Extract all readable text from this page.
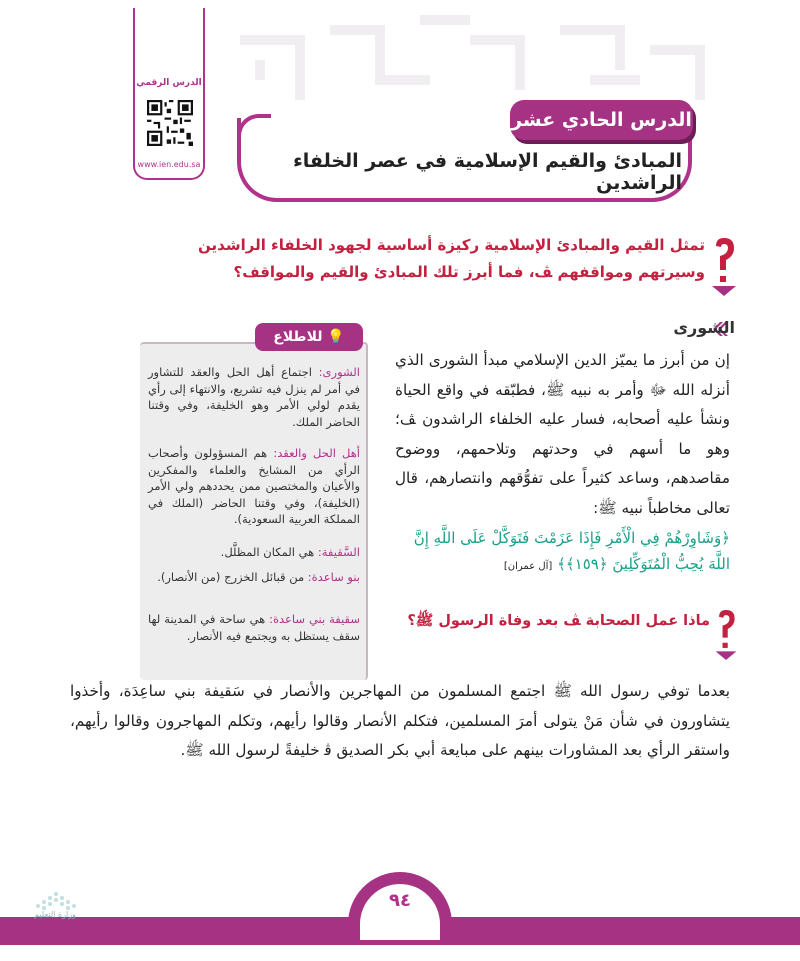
الدرس الرقمي
www.ien.edu.sa
الدرس الحادي عشر
المبادئ والقيم الإسلامية في عصر الخلفاء الراشدين
تمثل القيم والمبادئ الإسلامية ركيزة أساسية لجهود الخلفاء الراشدين وسيرتهم ومواقفهم ﭫ، فما أبرز تلك المبادئ والقيم والمواقف؟
💡 للاطلاع
الشورى: اجتماع أهل الحل والعقد للتشاور في أمر لم ينزل فيه تشريع، والانتهاء إلى رأي يقدم لولي الأمر وهو الخليفة، وفي وقتنا الحاضر الملك.
أهل الحل والعقد: هم المسؤولون وأصحاب الرأي من المشايخ والعلماء والمفكرين والأعيان والمختصين ممن يحددهم ولي الأمر (الخليفة)، وفي وقتنا الحاضر (الملك في المملكة العربية السعودية).
السَّقيفة: هي المكان المظلَّل.
بنو ساعدة: من قبائل الخزرج (من الأنصار).
سقيفة بني ساعدة: هي ساحة في المدينة لها سقف يستظل به ويجتمع فيه الأنصار.
الشورى
إن من أبرز ما يميّز الدين الإسلامي مبدأ الشورى الذي أنزله الله ﷻ وأمر به نبيه ﷺ، فطبّقه في واقع الحياة ونشأ عليه أصحابه، فسار عليه الخلفاء الراشدون ﭫ؛ وهو ما أسهم في وحدتهم وتلاحمهم، ووضوح مقاصدهم، وساعد كثيراً على تفوُّقهم وانتصارهم، قال تعالى مخاطباً نبيه ﷺ:
﴿وَشَاوِرْهُمْ فِي الْأَمْرِ فَإِذَا عَزَمْتَ فَتَوَكَّلْ عَلَى اللَّهِ إِنَّ اللَّهَ يُحِبُّ الْمُتَوَكِّلِينَ ﴿١٥٩﴾﴾ [آل عمران]
ماذا عمل الصحابة ﭫ بعد وفاة الرسول ﷺ؟
بعدما توفي رسول الله ﷺ اجتمع المسلمون من المهاجرين والأنصار في سَقيفة بني ساعِدَة، وأخذوا يتشاورون في شأن مَنْ يتولى أمرَ المسلمين، فتكلم الأنصار وقالوا رأيهم، وتكلم المهاجرون وقالوا رأيهم، واستقر الرأي بعد المشاورات بينهم على مبايعة أبي بكر الصديق ﭬ خليفةً لرسول الله ﷺ.
٩٤
وزارة التعليم
